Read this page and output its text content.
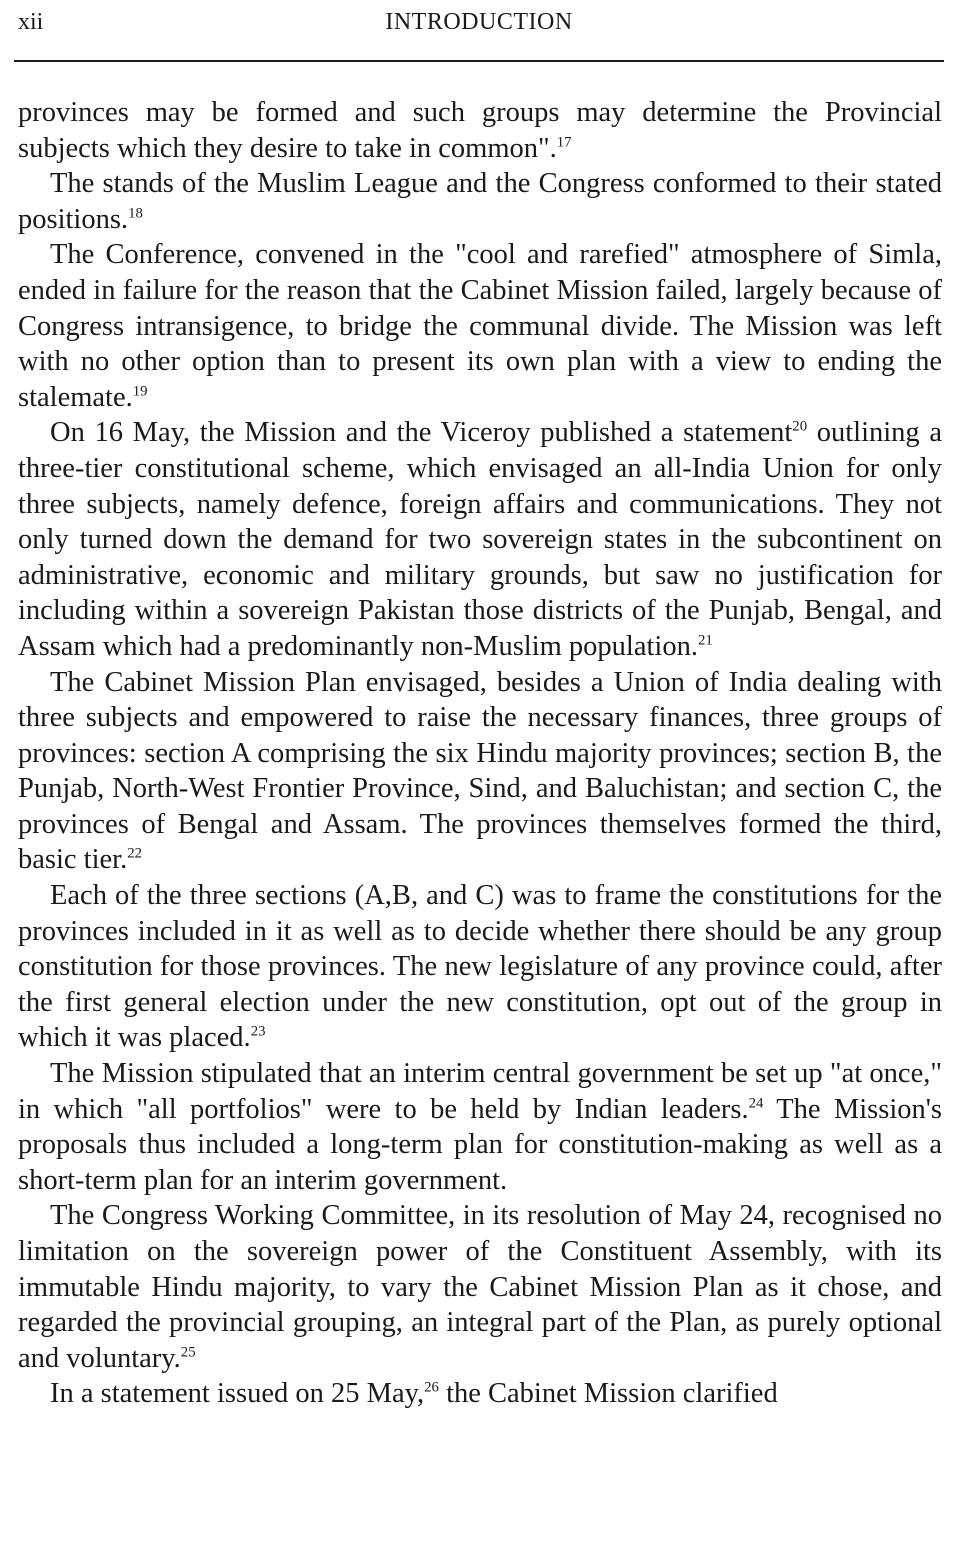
xii	INTRODUCTION

provinces may be formed and such groups may determine the Provincial subjects which they desire to take in common".$^{17}$

The stands of the Muslim League and the Congress conformed to their stated positions.$^{18}$

The Conference, convened in the "cool and rarefied" atmosphere of Simla, ended in failure for the reason that the Cabinet Mission failed, largely because of Congress intransigence, to bridge the communal divide. The Mission was left with no other option than to present its own plan with a view to ending the stalemate.$^{19}$

On 16 May, the Mission and the Viceroy published a statement$^{20}$ outlining a three-tier constitutional scheme, which envisaged an all-India Union for only three subjects, namely defence, foreign affairs and communications. They not only turned down the demand for two sovereign states in the subcontinent on administrative, economic and military grounds, but saw no justification for including within a sovereign Pakistan those districts of the Punjab, Bengal, and Assam which had a predominantly non-Muslim population.$^{21}$

The Cabinet Mission Plan envisaged, besides a Union of India dealing with three subjects and empowered to raise the necessary finances, three groups of provinces: section A comprising the six Hindu majority provinces; section B, the Punjab, North-West Frontier Province, Sind, and Baluchistan; and section C, the provinces of Bengal and Assam. The provinces themselves formed the third, basic tier.$^{22}$

Each of the three sections (A,B, and C) was to frame the constitutions for the provinces included in it as well as to decide whether there should be any group constitution for those provinces. The new legislature of any province could, after the first general election under the new constitution, opt out of the group in which it was placed.$^{23}$

The Mission stipulated that an interim central government be set up "at once," in which "all portfolios" were to be held by Indian leaders.$^{24}$ The Mission's proposals thus included a long-term plan for constitution-making as well as a short-term plan for an interim government.

The Congress Working Committee, in its resolution of May 24, recognised no limitation on the sovereign power of the Constituent Assembly, with its immutable Hindu majority, to vary the Cabinet Mission Plan as it chose, and regarded the provincial grouping, an integral part of the Plan, as purely optional and voluntary.$^{25}$

In a statement issued on 25 May,$^{26}$ the Cabinet Mission clarified
